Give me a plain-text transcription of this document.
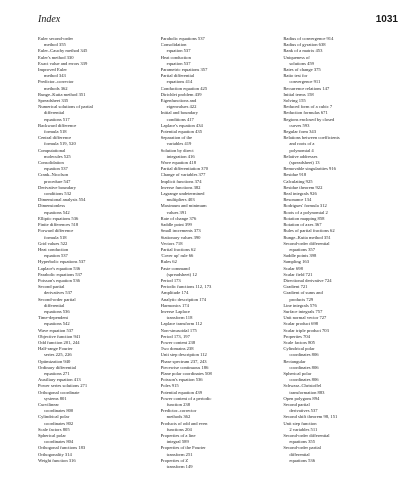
Index	1031
Euler second-order
method 355
Euler–Cauchy method 345
Euler's method 330
Exact value and errors 339
Improved Euler
method 343
Predictor–corrector
methods 362
Runge–Kutta method 351
Spreadsheet 335
Numerical solutions of partial
differential
equations 517
Backward difference
formula 518
Central difference
formula 519, 520
Computational
molecules 525
Consolidation
equation 537
Crank–Nicolson
procedure 547
Derivative boundary
conditions 532
Dimensional analysis 554
Dimensionless
equations 542
Elliptic equations 536
Finite differences 518
Forward difference
formula 518
Grid values 522
Heat conduction
equation 537
Hyperbolic equations 537
Laplace's equation 536
Parabolic equations 537
Poisson's equation 536
Second partial
derivatives 537
Second-order partial
differential
equations 536
Time-dependent
equations 542
Wave equation 537
Objective function 941
Odd function 201, 244
Half-range Fourier
series 225, 226
Optimization 940
Ordinary differential
equations 271
Auxiliary equation 413
Power series solutions 271
Orthogonal coordinate
systems 801
Curvilinear
coordinates 800
Cylindrical polar
coordinates 802
Scale factors 805
Spherical polar
coordinates 804
Orthogonal functions 183
Orthogonality 314
Weight function 316
Parabolic equations 537
Consolidation
equation 537
Heat conduction
equation 537
Parametric equations 357
Partial differential
equations 414
Conduction equation 425
Dirichlet problem 439
Eigenfunctions and
eigenvalues 422
Initial and boundary
conditions 417
Laplace's equation 434
Potential equation 435
Separation of the
variables 419
Solution by direct
integration 416
Wave equation 418
Partial differentiation 370
Change of variables 377
Implicit functions 374
Inverse functions 382
Lagrange undetermined
multipliers 403
Maximum and minimum
values 391
Rate of change 376
Saddle point 399
Small increments 373
Stationary values 390
Vectors 718
Partial fractions 62
'Cover up' rule 66
Rules 62
Paste command
(spreadsheet) 12
Period 173
Periodic functions 112, 173
Amplitude 174
Analytic description 174
Harmonics 174
Inverse Laplace
transform 118
Laplace transform 112
Non-sinusoidal 175
Period 173, 197
Power content 238
Two domains 238
Unit step description 112
Phase spectrum 237, 243
Piecewise continuous 186
Plane polar coordinates 508
Poisson's equation 536
Poles 915
Potential equation 439
Power content of a periodic
function 238
Predictor–corrector
methods 362
Products of odd and even
functions 204
Properties of a line
integral 589
Properties of the Fourier
transform 251
Properties of Z
transform 149
Radius of convergence 914
Radius of gyration 638
Rank of a matrix 453
Uniqueness of
solutions 459
Rates of change 375
Ratio test for
convergence 911
Recurrence relations 147
Initial terms 158
Solving 155
Reduced form of a cubic 7
Reduction formulas 671
Regions enclosed by closed
curves 593
Regular form 343
Relations between coefficients
and roots of a
polynomial 4
Relative addresses
(spreadsheet) 13
Removable singularities 916
Residue 918
Calculating 925
Residue theorem 922
Real integrals 926
Resonance 134
Rodrigues' formula 312
Roots of a polynomial 2
Rotation mapping 858
Rotation of axes 367
Rules of partial fractions 62
Runge–Kutta method 351
Second-order differential
equations 357
Saddle points 398
Sampling 163
Scalar 698
Scalar field 721
Directional derivative 724
Gradient 721
Gradient of sums and
products 729
Line integrals 576
Surface integrals 757
Unit normal vector 727
Scalar product 698
Scalar triple product 703
Properties 704
Scale factors 805
Cylindrical polar
coordinates 806
Rectangular
coordinates 806
Spherical polar
coordinates 806
Schwarz–Christoffel
transformation 883
Open polygons 894
Second partial
derivatives 537
Second shift theorem 98, 151
Unit step function
2 variables 511
Second-order differential
equations 355
Second-order partial
differential
equations 536
